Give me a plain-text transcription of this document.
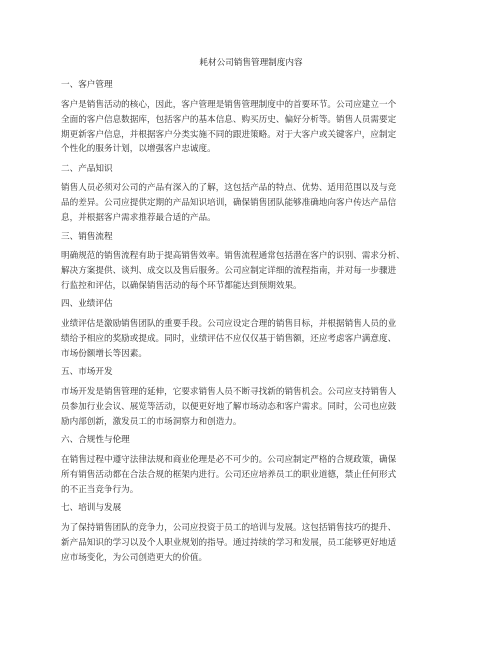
耗材公司销售管理制度内容
一、客户管理
客户是销售活动的核心，因此，客户管理是销售管理制度中的首要环节。公司应建立一个
全面的客户信息数据库，包括客户的基本信息、购买历史、偏好分析等。销售人员需要定
期更新客户信息，并根据客户分类实施不同的跟进策略。对于大客户或关键客户，应制定
个性化的服务计划，以增强客户忠诚度。
二、产品知识
销售人员必须对公司的产品有深入的了解，这包括产品的特点、优势、适用范围以及与竞
品的差异。公司应提供定期的产品知识培训，确保销售团队能够准确地向客户传达产品信
息，并根据客户需求推荐最合适的产品。
三、销售流程
明确规范的销售流程有助于提高销售效率。销售流程通常包括潜在客户的识别、需求分析、
解决方案提供、谈判、成交以及售后服务。公司应制定详细的流程指南，并对每一步骤进
行监控和评估，以确保销售活动的每个环节都能达到预期效果。
四、业绩评估
业绩评估是激励销售团队的重要手段。公司应设定合理的销售目标，并根据销售人员的业
绩给予相应的奖励或提成。同时，业绩评估不应仅仅基于销售额，还应考虑客户满意度、
市场份额增长等因素。
五、市场开发
市场开发是销售管理的延伸，它要求销售人员不断寻找新的销售机会。公司应支持销售人
员参加行业会议、展览等活动，以便更好地了解市场动态和客户需求。同时，公司也应鼓
励内部创新，激发员工的市场洞察力和创造力。
六、合规性与伦理
在销售过程中遵守法律法规和商业伦理是必不可少的。公司应制定严格的合规政策，确保
所有销售活动都在合法合规的框架内进行。公司还应培养员工的职业道德，禁止任何形式
的不正当竞争行为。
七、培训与发展
为了保持销售团队的竞争力，公司应投资于员工的培训与发展。这包括销售技巧的提升、
新产品知识的学习以及个人职业规划的指导。通过持续的学习和发展，员工能够更好地适
应市场变化，为公司创造更大的价值。
